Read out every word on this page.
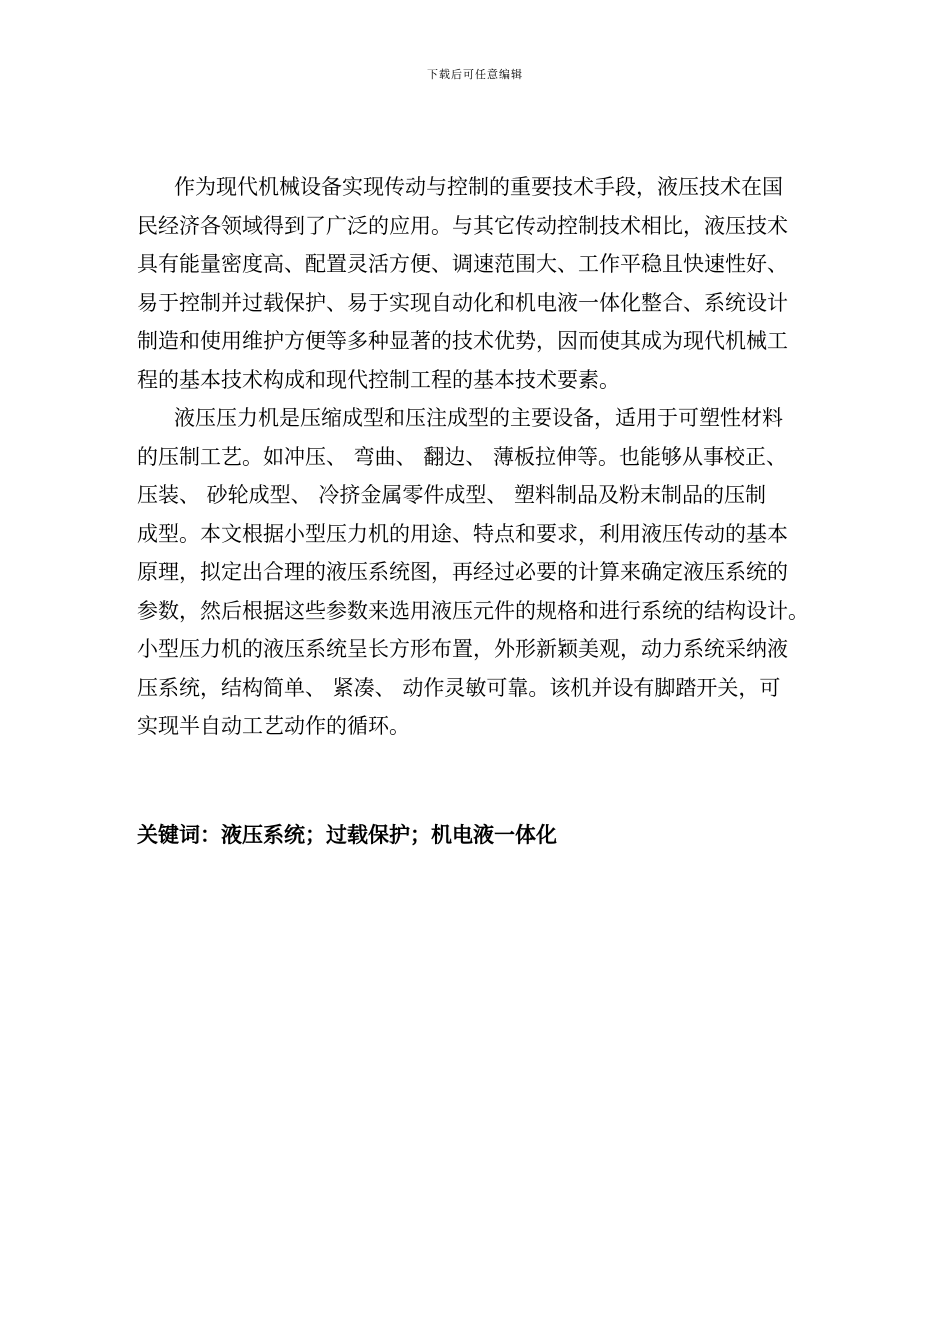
下载后可任意编辑
作为现代机械设备实现传动与控制的重要技术手段，液压技术在国
民经济各领域得到了广泛的应用。与其它传动控制技术相比，液压技术
具有能量密度高、配置灵活方便、调速范围大、工作平稳且快速性好、
易于控制并过载保护、易于实现自动化和机电液一体化整合、系统设计
制造和使用维护方便等多种显著的技术优势，因而使其成为现代机械工
程的基本技术构成和现代控制工程的基本技术要素。
液压压力机是压缩成型和压注成型的主要设备，适用于可塑性材料
的压制工艺。如冲压、 弯曲、 翻边、 薄板拉伸等。也能够从事校正、
压装、 砂轮成型、 冷挤金属零件成型、 塑料制品及粉末制品的压制
成型。本文根据小型压力机的用途、特点和要求，利用液压传动的基本
原理，拟定出合理的液压系统图，再经过必要的计算来确定液压系统的
参数，然后根据这些参数来选用液压元件的规格和进行系统的结构设计。
小型压力机的液压系统呈长方形布置，外形新颖美观，动力系统采纳液
压系统，结构简单、 紧凑、 动作灵敏可靠。该机并设有脚踏开关，可
实现半自动工艺动作的循环。
关键词：液压系统；过载保护；机电液一体化
